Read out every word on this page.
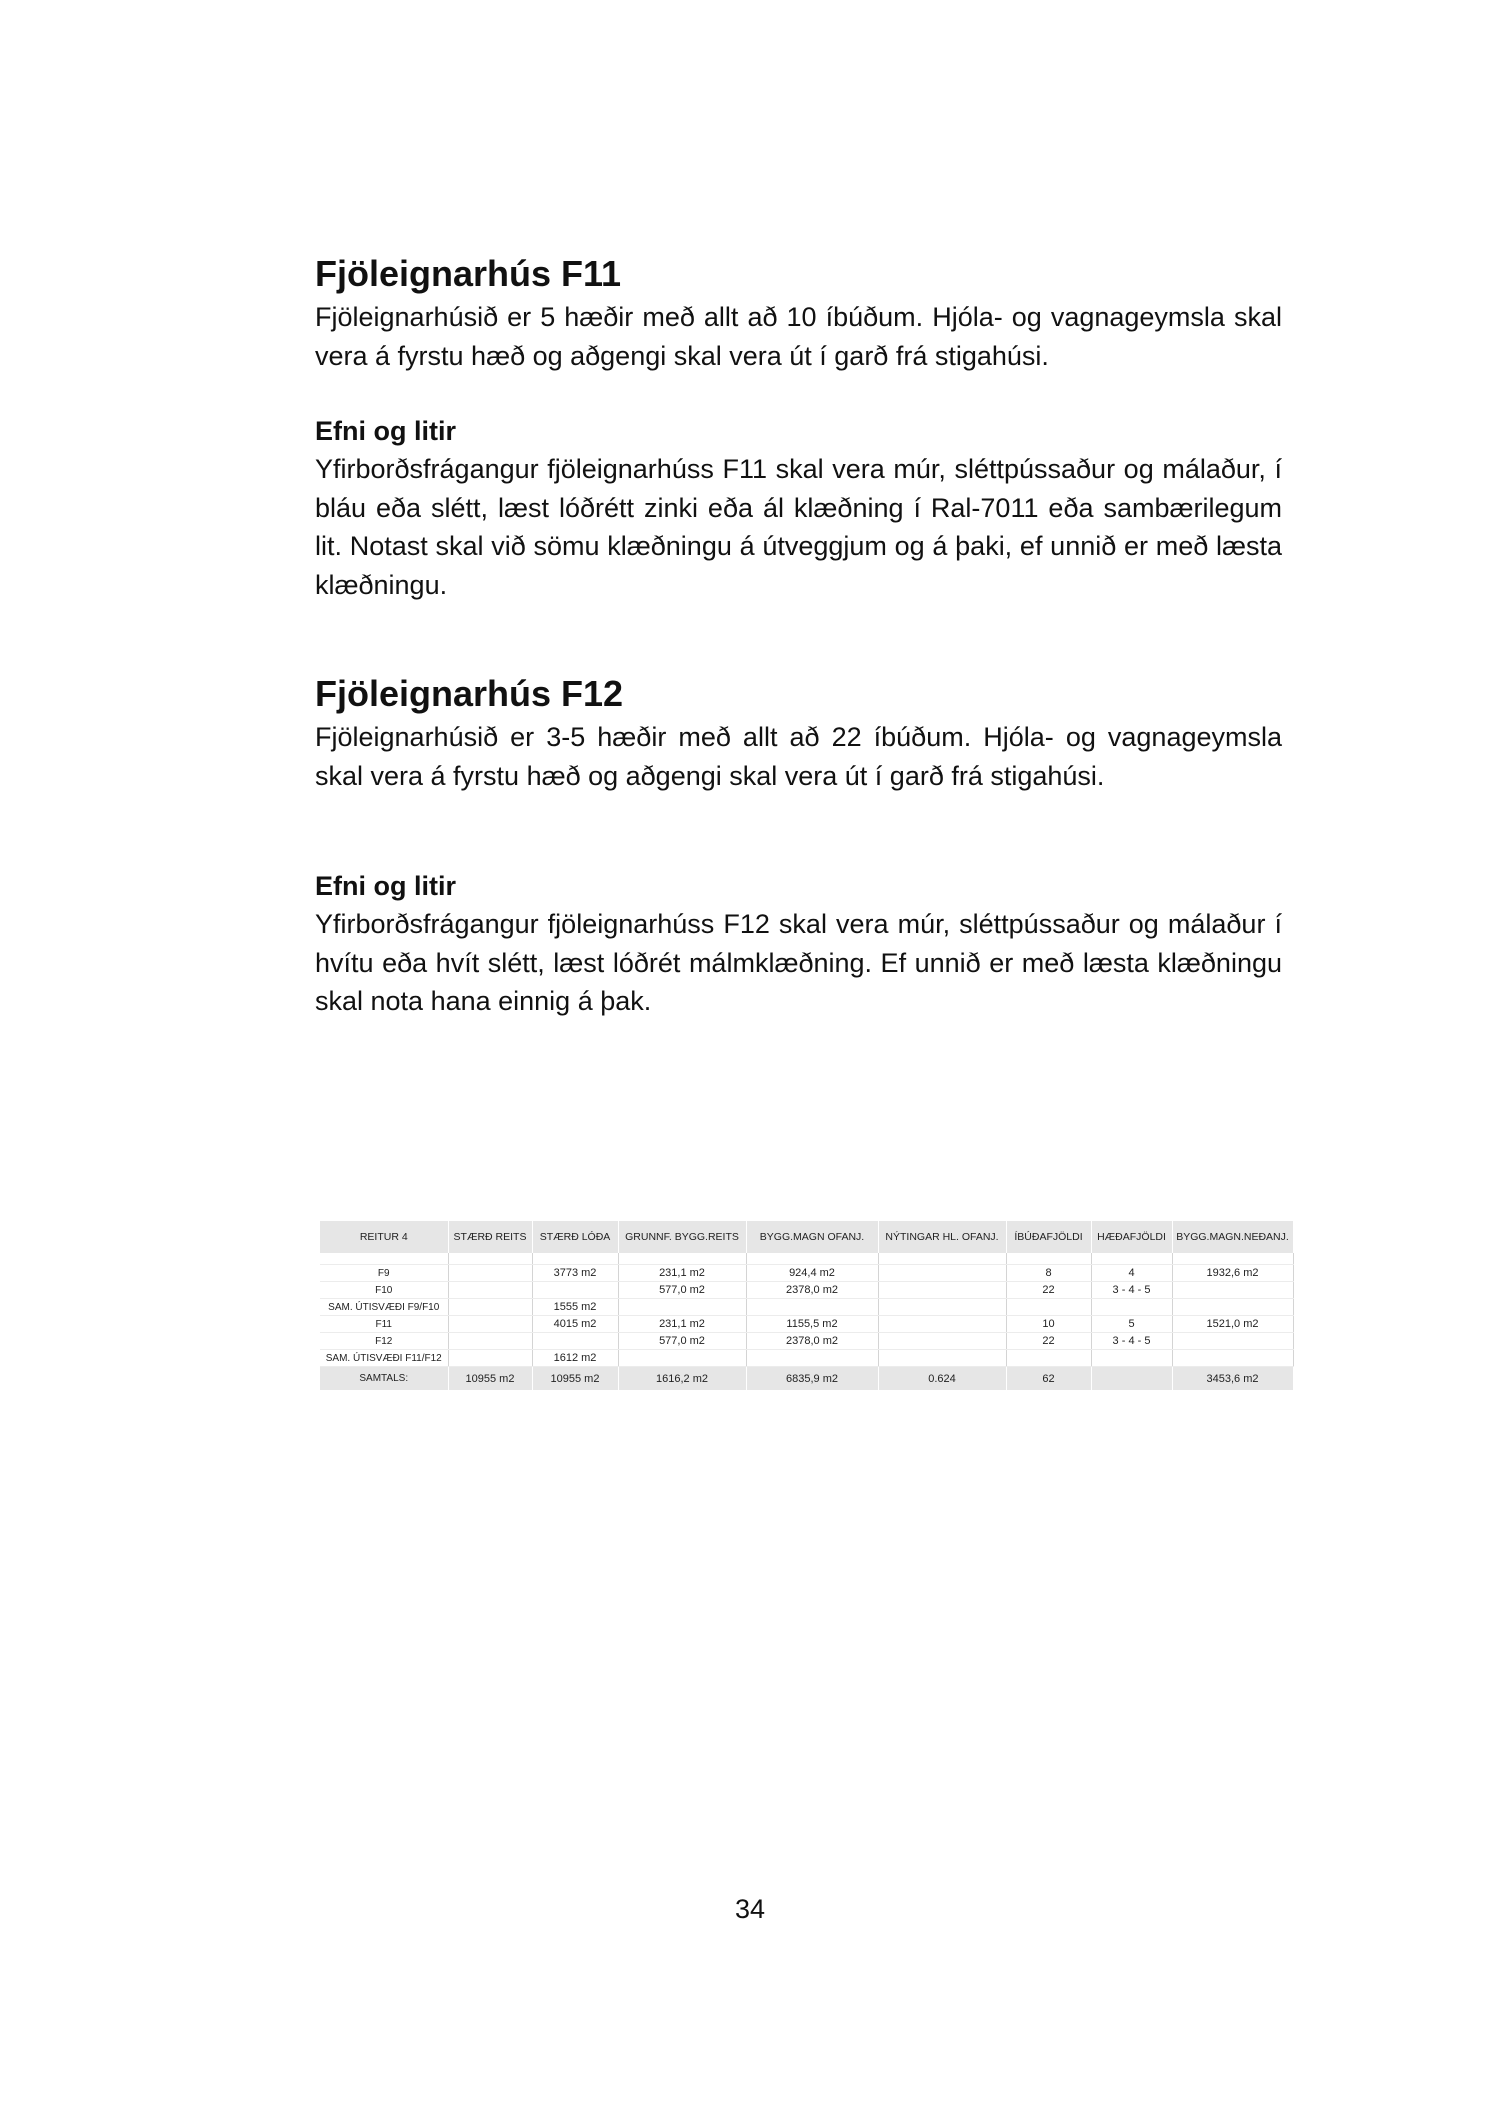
Fjöleignarhús F11

Fjöleignarhúsið er 5 hæðir með allt að 10 íbúðum. Hjóla- og vagnageymsla skal vera á fyrstu hæð og aðgengi skal vera út í garð frá stigahúsi.

Efni og litir

Yfirborðsfrágangur fjöleignarhúss F11 skal vera múr, sléttpússaður og málaður, í bláu eða slétt, læst lóðrétt zinki eða ál klæðning í Ral-7011 eða sambærilegum lit. Notast skal við sömu klæðningu á útveggjum og á þaki, ef unnið er með læsta klæðningu.

Fjöleignarhús F12

Fjöleignarhúsið er 3-5 hæðir með allt að 22 íbúðum. Hjóla- og vagnageymsla skal vera á fyrstu hæð og aðgengi skal vera út í garð frá stigahúsi.

Efni og litir

Yfirborðsfrágangur fjöleignarhúss F12 skal vera múr, sléttpússaður og málaður í hvítu eða hvít slétt, læst lóðrét málmklæðning. Ef unnið er með læsta klæðningu skal nota hana einnig á þak.

REITUR 4	STÆRÐ REITS	STÆRÐ LÓÐA	GRUNNF. BYGG.REITS	BYGG.MAGN OFANJ.	NÝTINGAR HL. OFANJ.	ÍBÚÐAFJÖLDI	HÆÐAFJÖLDI	BYGG.MAGN.NEÐANJ.

F9		3773 m2	231,1 m2	924,4 m2		8	4	1932,6 m2
F10			577,0 m2	2378,0 m2		22	3 - 4 - 5	
SAM. ÚTISVÆÐI F9/F10		1555 m2						
F11		4015 m2	231,1 m2	1155,5 m2		10	5	1521,0 m2
F12			577,0 m2	2378,0 m2		22	3 - 4 - 5	
SAM. ÚTISVÆÐI F11/F12		1612 m2						
SAMTALS:	10955 m2	10955 m2	1616,2 m2	6835,9 m2	0.624	62		3453,6 m2
34
